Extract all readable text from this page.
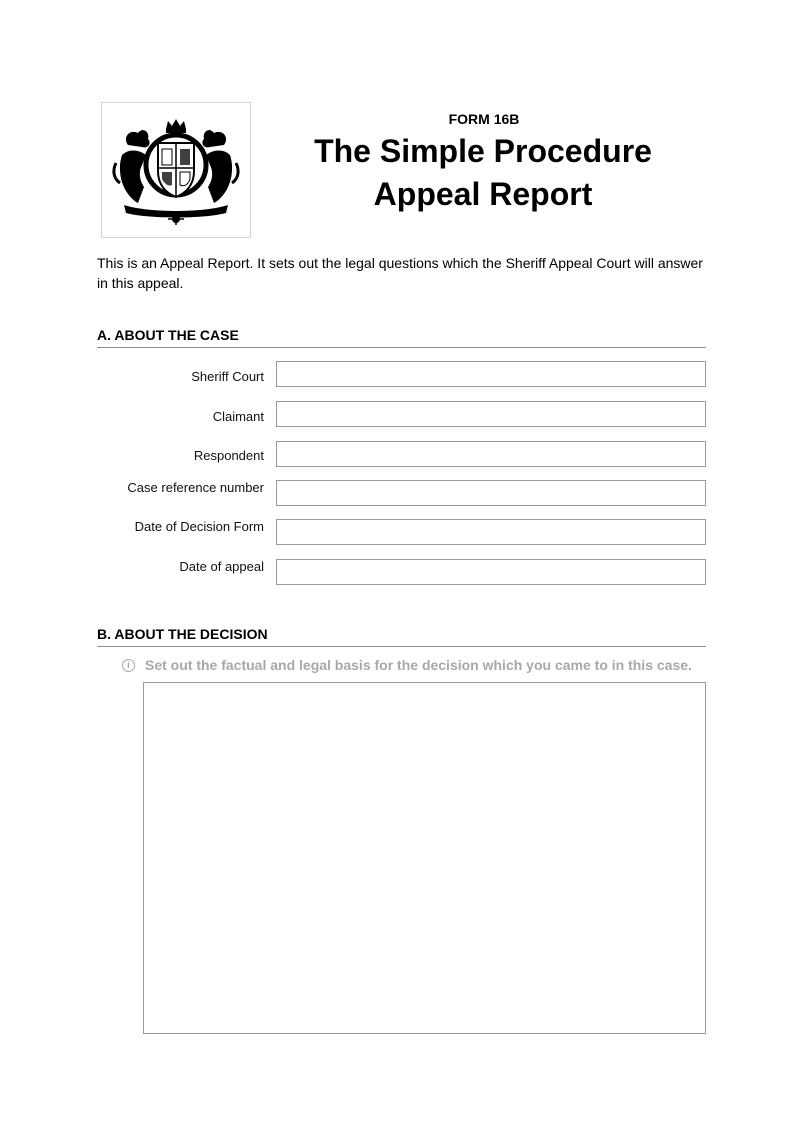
FORM 16B
The Simple Procedure
Appeal Report

This is an Appeal Report. It sets out the legal questions which the Sheriff Appeal Court will answer in this appeal.

A. ABOUT THE CASE
Sheriff Court
Claimant
Respondent
Case reference number
Date of Decision Form
Date of appeal
B. ABOUT THE DECISION
i	Set out the factual and legal basis for the decision which you came to in this case.
